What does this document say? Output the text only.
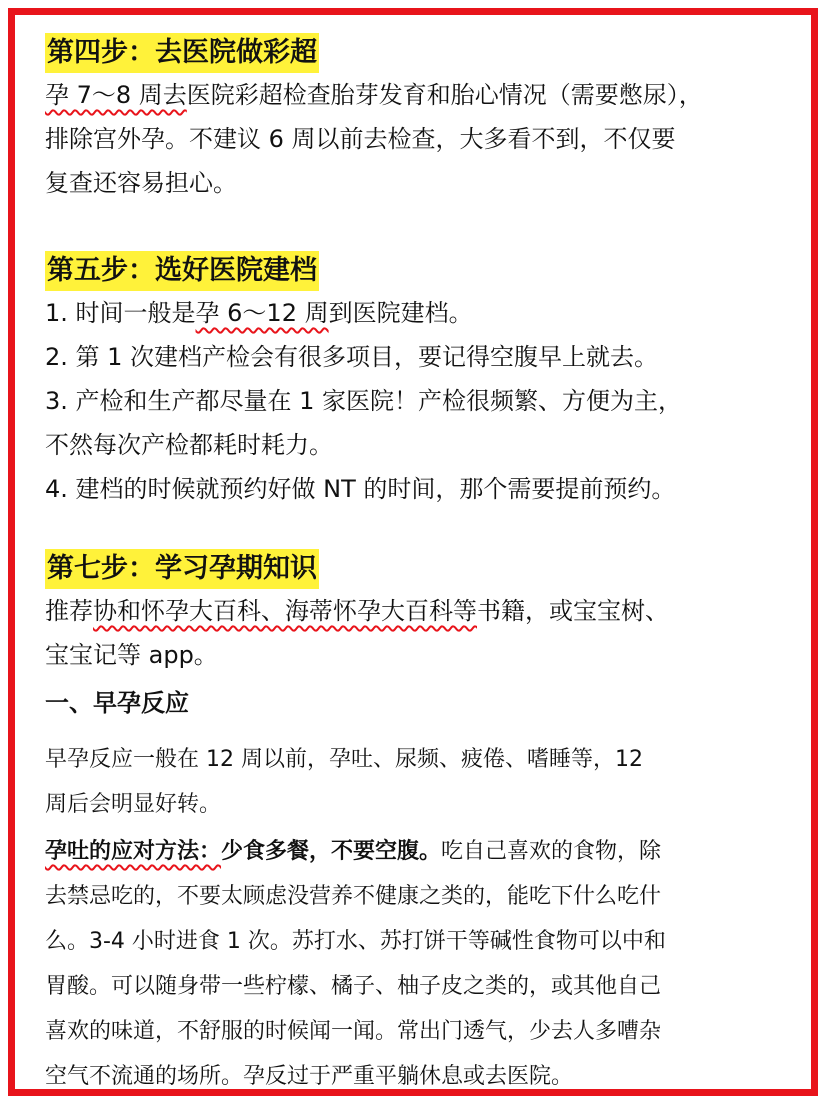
第四步：去医院做彩超

孕 7～8 周去医院彩超检查胎芽发育和胎心情况（需要憋尿），

排除宫外孕。不建议 6 周以前去检查，大多看不到，不仅要

复查还容易担心。

第五步：选好医院建档

1. 时间一般是孕 6～12 周到医院建档。

2. 第 1 次建档产检会有很多项目，要记得空腹早上就去。

3. 产检和生产都尽量在 1 家医院！产检很频繁、方便为主，

不然每次产检都耗时耗力。

4. 建档的时候就预约好做 NT 的时间，那个需要提前预约。

第七步：学习孕期知识

推荐协和怀孕大百科、海蒂怀孕大百科等书籍，或宝宝树、

宝宝记等 app。

一、早孕反应

早孕反应一般在 12 周以前，孕吐、尿频、疲倦、嗜睡等，12

周后会明显好转。

孕吐的应对方法：少食多餐，不要空腹。吃自己喜欢的食物，除

去禁忌吃的，不要太顾虑没营养不健康之类的，能吃下什么吃什

么。3-4 小时进食 1 次。苏打水、苏打饼干等碱性食物可以中和

胃酸。可以随身带一些柠檬、橘子、柚子皮之类的，或其他自己

喜欢的味道，不舒服的时候闻一闻。常出门透气，少去人多嘈杂

空气不流通的场所。孕反过于严重平躺休息或去医院。
